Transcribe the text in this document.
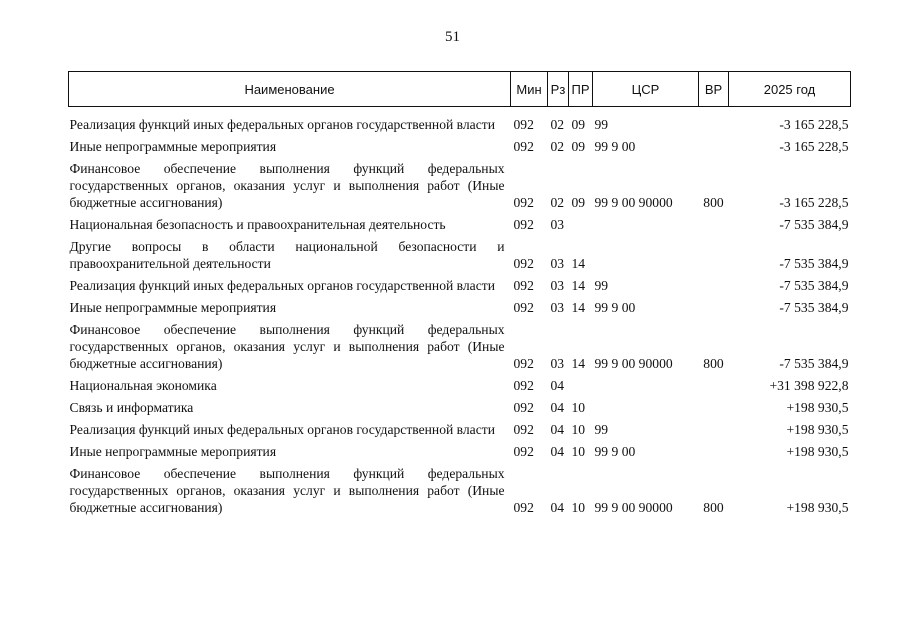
51
Наименование	Мин	Рз	ПР	ЦСР	ВР	2025 год

Реализация функций иных федеральных органов государственной власти	092	02	09	99		-3 165 228,5
Иные непрограммные мероприятия	092	02	09	99 9 00		-3 165 228,5
Финансовое обеспечение выполнения функций федеральных государственных органов, оказания услуг и выполнения работ (Иные бюджетные ассигнования)	092	02	09	99 9 00 90000	800	-3 165 228,5
Национальная безопасность и правоохранительная деятельность	092	03				-7 535 384,9
Другие вопросы в области национальной безопасности и правоохранительной деятельности	092	03	14			-7 535 384,9
Реализация функций иных федеральных органов государственной власти	092	03	14	99		-7 535 384,9
Иные непрограммные мероприятия	092	03	14	99 9 00		-7 535 384,9
Финансовое обеспечение выполнения функций федеральных государственных органов, оказания услуг и выполнения работ (Иные бюджетные ассигнования)	092	03	14	99 9 00 90000	800	-7 535 384,9
Национальная экономика	092	04				+31 398 922,8
Связь и информатика	092	04	10			+198 930,5
Реализация функций иных федеральных органов государственной власти	092	04	10	99		+198 930,5
Иные непрограммные мероприятия	092	04	10	99 9 00		+198 930,5
Финансовое обеспечение выполнения функций федеральных государственных органов, оказания услуг и выполнения работ (Иные бюджетные ассигнования)	092	04	10	99 9 00 90000	800	+198 930,5
